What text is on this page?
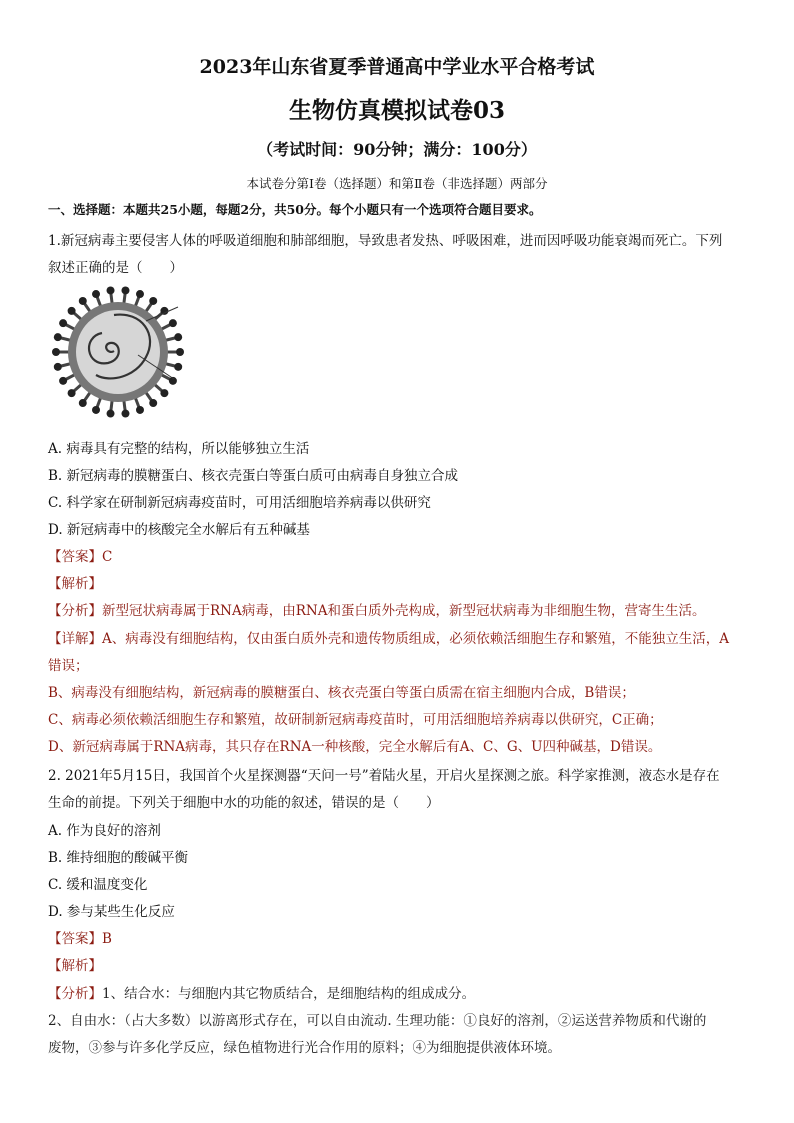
2023年山东省夏季普通高中学业水平合格考试
生物仿真模拟试卷03
（考试时间：90分钟；满分：100分）
本试卷分第Ⅰ卷（选择题）和第Ⅱ卷（非选择题）两部分
一、选择题：本题共25小题，每题2分，共50分。每个小题只有一个选项符合题目要求。
1.新冠病毒主要侵害人体的呼吸道细胞和肺部细胞，导致患者发热、呼吸困难，进而因呼吸功能衰竭而死亡。下列
叙述正确的是（　　）
A. 病毒具有完整的结构，所以能够独立生活
B. 新冠病毒的膜糖蛋白、核衣壳蛋白等蛋白质可由病毒自身独立合成
C. 科学家在研制新冠病毒疫苗时，可用活细胞培养病毒以供研究
D. 新冠病毒中的核酸完全水解后有五种碱基
【答案】C
【解析】
【分析】新型冠状病毒属于RNA病毒，由RNA和蛋白质外壳构成，新型冠状病毒为非细胞生物，营寄生生活。
【详解】A、病毒没有细胞结构，仅由蛋白质外壳和遗传物质组成，必须依赖活细胞生存和繁殖，不能独立生活，A
错误；
B、病毒没有细胞结构，新冠病毒的膜糖蛋白、核衣壳蛋白等蛋白质需在宿主细胞内合成，B错误；
C、病毒必须依赖活细胞生存和繁殖，故研制新冠病毒疫苗时，可用活细胞培养病毒以供研究，C正确；
D、新冠病毒属于RNA病毒，其只存在RNA一种核酸，完全水解后有A、C、G、U四种碱基，D错误。
2. 2021年5月15日，我国首个火星探测器“天问一号”着陆火星，开启火星探测之旅。科学家推测，液态水是存在
生命的前提。下列关于细胞中水的功能的叙述，错误的是（　　）
A. 作为良好的溶剂
B. 维持细胞的酸碱平衡
C. 缓和温度变化
D. 参与某些生化反应
【答案】B
【解析】
【分析】1、结合水：与细胞内其它物质结合，是细胞结构的组成成分。
2、自由水：（占大多数）以游离形式存在，可以自由流动. 生理功能：①良好的溶剂，②运送营养物质和代谢的
废物，③参与许多化学反应，绿色植物进行光合作用的原料；④为细胞提供液体环境。
